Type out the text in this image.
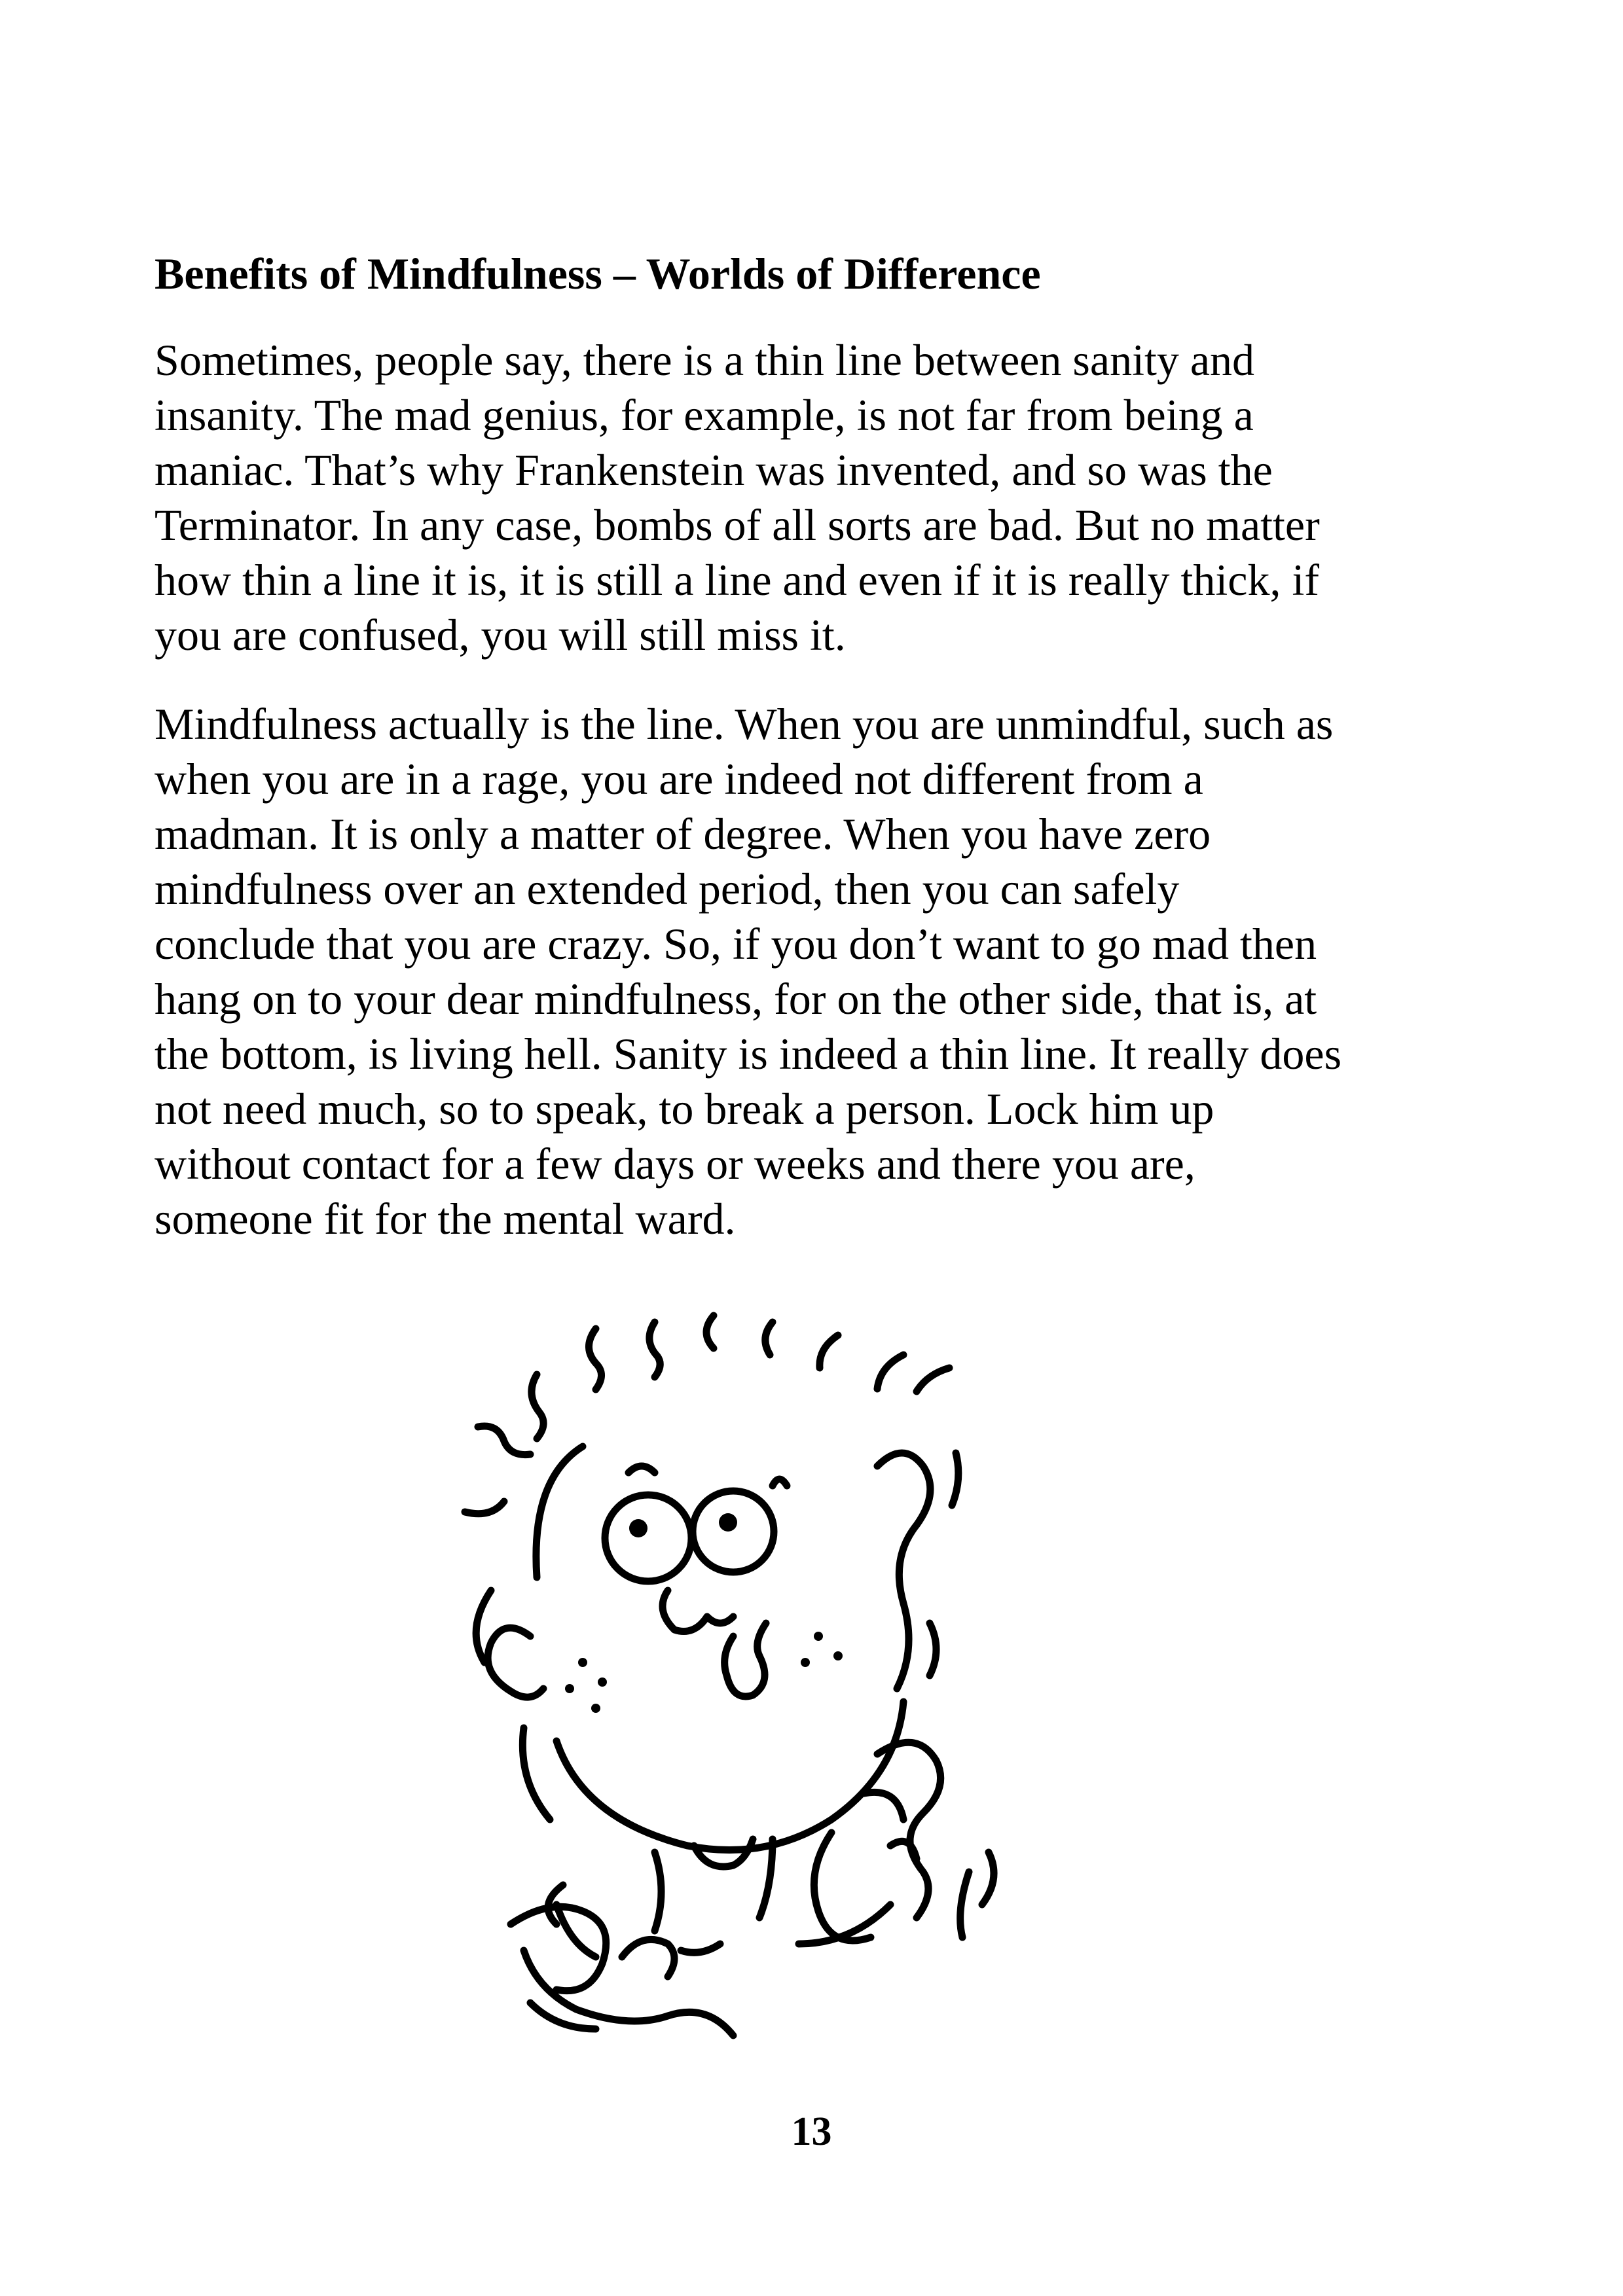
Benefits of Mindfulness – Worlds of Difference

Sometimes, people say, there is a thin line between sanity and
insanity. The mad genius, for example, is not far from being a
maniac. That’s why Frankenstein was invented, and so was the
Terminator. In any case, bombs of all sorts are bad. But no matter
how thin a line it is, it is still a line and even if it is really thick, if
you are confused, you will still miss it.

Mindfulness actually is the line. When you are unmindful, such as
when you are in a rage, you are indeed not different from a
madman. It is only a matter of degree. When you have zero
mindfulness over an extended period, then you can safely
conclude that you are crazy. So, if you don’t want to go mad then
hang on to your dear mindfulness, for on the other side, that is, at
the bottom, is living hell. Sanity is indeed a thin line. It really does
not need much, so to speak, to break a person. Lock him up
without contact for a few days or weeks and there you are,
someone fit for the mental ward.

13
